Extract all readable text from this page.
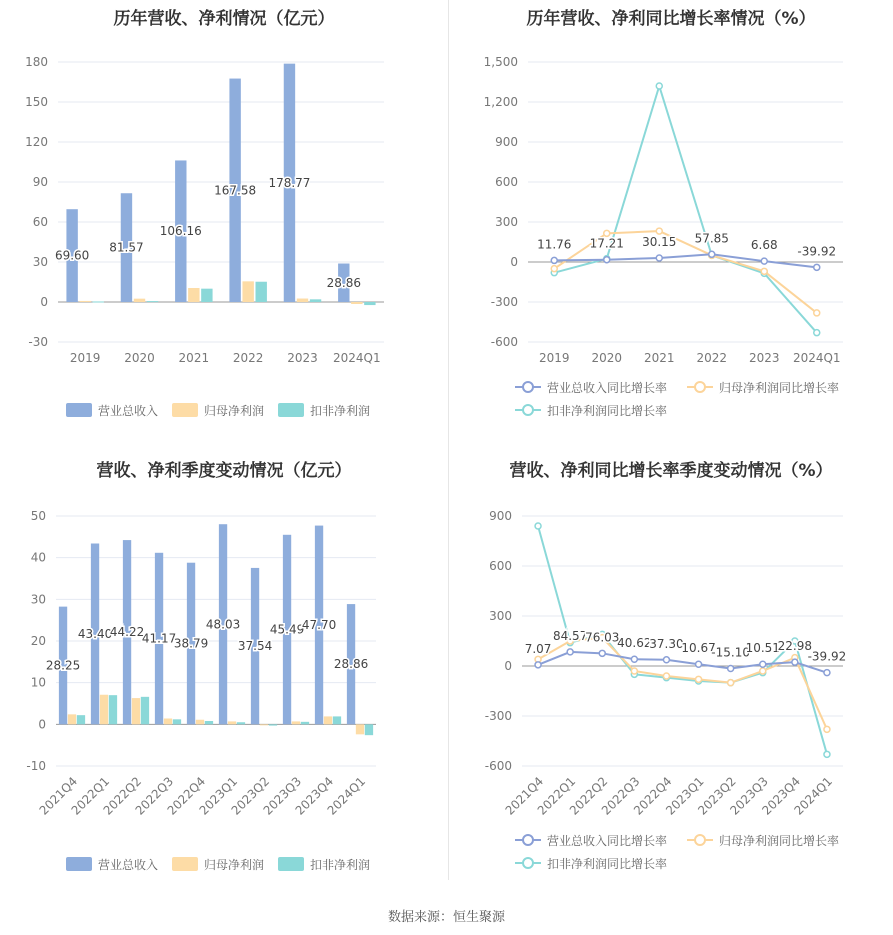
历年营收、净利情况（亿元）
-30
0
30
60
90
120
150
180
2019 2020 2021 2022 2023 2024Q1
69.60
81.57
106.16
167.58
178.77
28.86
营业总收入	归母净利润	扣非净利润
历年营收、净利同比增长率情况（%）
-600
-300
0
300
600
900
1,200
1,500
2019 2020 2021 2022 2023 2024Q1
11.76 17.21 30.15 57.85 6.68 -39.92
营业总收入同比增长率	归母净利润同比增长率
扣非净利润同比增长率
营收、净利季度变动情况（亿元）
-10
0
10
20
30
40
50
2021Q4
2022Q1
2022Q2
2022Q3
2022Q4
2023Q1
2023Q2
2023Q3
2023Q4
2024Q1
28.25
43.40
44.22
41.17
38.79
48.03
37.54
45.49
47.70
28.86
营业总收入	归母净利润	扣非净利润
营收、净利同比增长率季度变动情况（%）
-600
-300
0
300
600
900
2021Q4
2022Q1
2022Q2
2022Q3
2022Q4
2023Q1
2023Q2
2023Q3
2023Q4
2024Q1
7.07
84.57
76.03
40.62
37.30
10.67
-15.10
10.51
22.98
-39.92
营业总收入同比增长率	归母净利润同比增长率
扣非净利润同比增长率
数据来源：恒生聚源
